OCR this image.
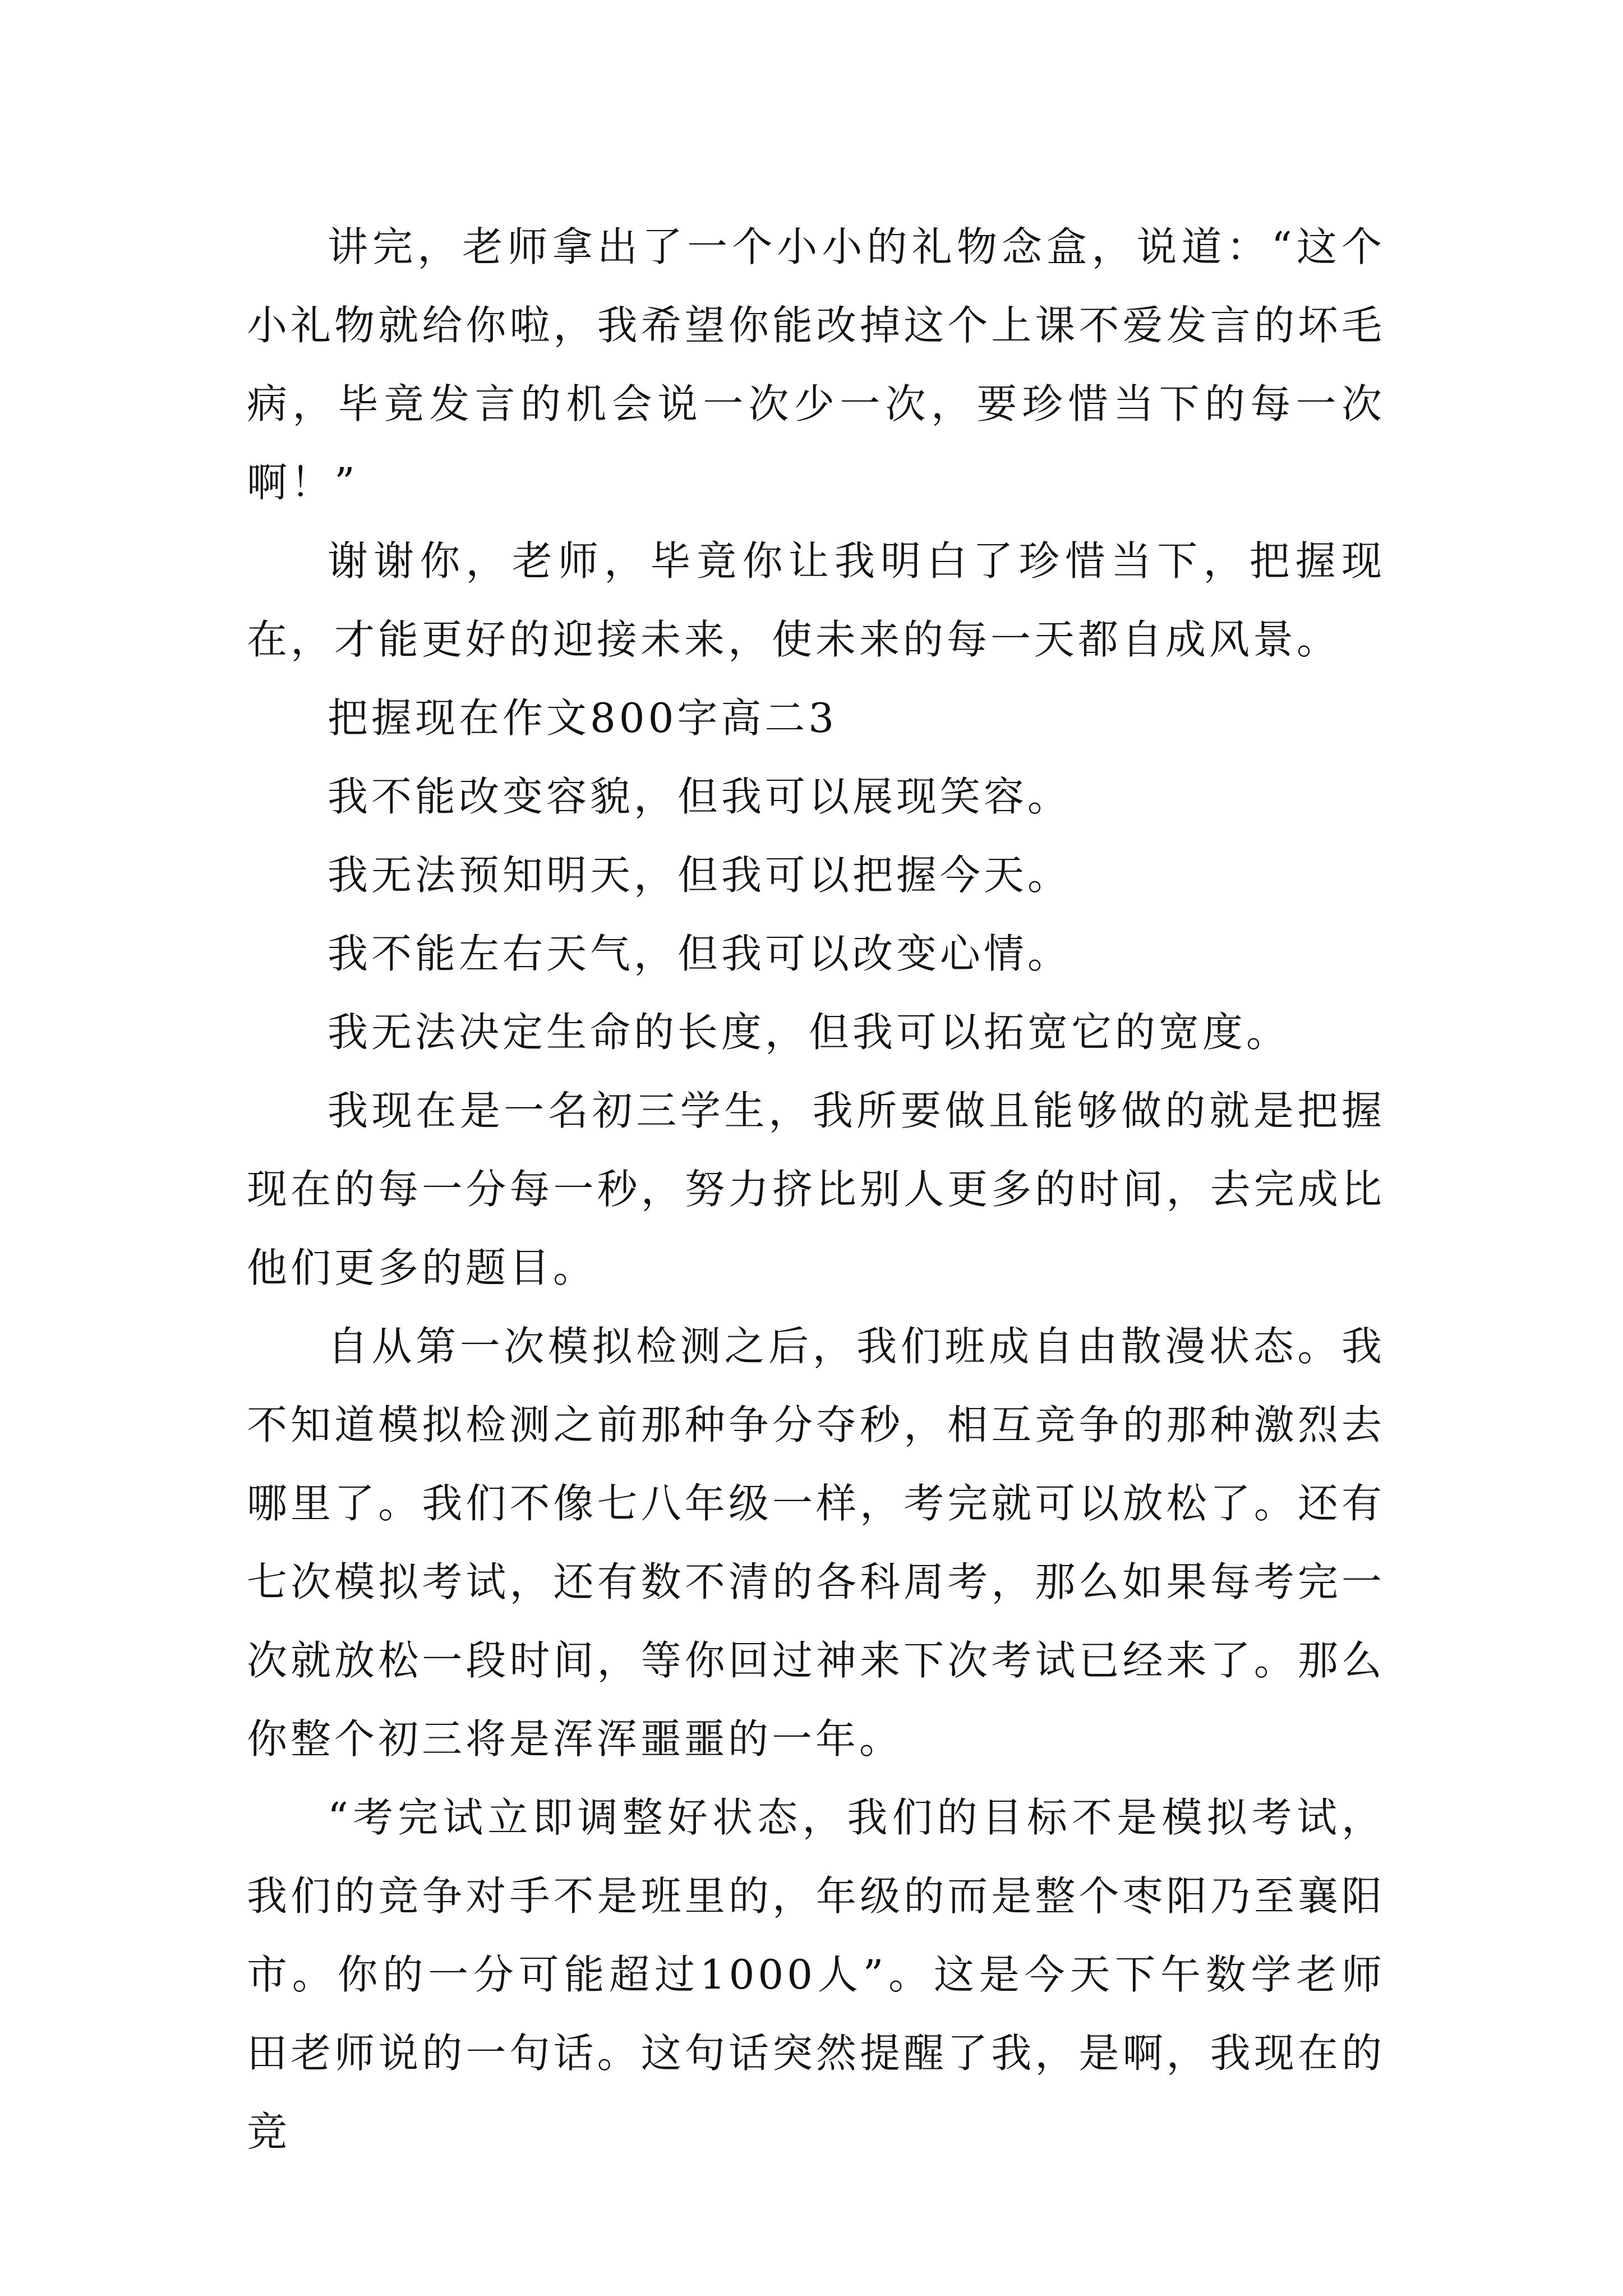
讲完，老师拿出了一个小小的礼物念盒，说道：“这个小礼物就给你啦，我希望你能改掉这个上课不爱发言的坏毛病，毕竟发言的机会说一次少一次，要珍惜当下的每一次啊！”

谢谢你，老师，毕竟你让我明白了珍惜当下，把握现在，才能更好的迎接未来，使未来的每一天都自成风景。

把握现在作文800字高二3

我不能改变容貌，但我可以展现笑容。

我无法预知明天，但我可以把握今天。

我不能左右天气，但我可以改变心情。

我无法决定生命的长度，但我可以拓宽它的宽度。

我现在是一名初三学生，我所要做且能够做的就是把握现在的每一分每一秒，努力挤比别人更多的时间，去完成比他们更多的题目。

自从第一次模拟检测之后，我们班成自由散漫状态。我不知道模拟检测之前那种争分夺秒，相互竞争的那种激烈去哪里了。我们不像七八年级一样，考完就可以放松了。还有七次模拟考试，还有数不清的各科周考，那么如果每考完一次就放松一段时间，等你回过神来下次考试已经来了。那么你整个初三将是浑浑噩噩的一年。

“考完试立即调整好状态，我们的目标不是模拟考试，我们的竞争对手不是班里的，年级的而是整个枣阳乃至襄阳市。你的一分可能超过1000人”。这是今天下午数学老师田老师说的一句话。这句话突然提醒了我，是啊，我现在的竞
